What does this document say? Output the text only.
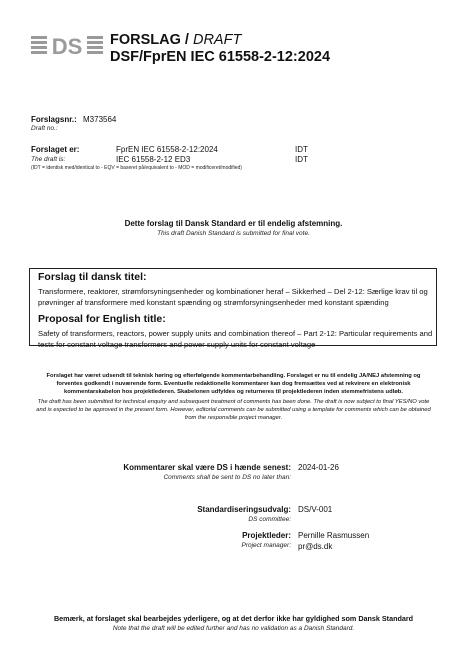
DS FORSLAG / DRAFT
DSF/FprEN IEC 61558-2-12:2024
Forslagsnr.:
Draft no.:
M373564
Forslaget er:
The draft is:
(IDT = identisk med/identical to - EQV = baseret på/equivalent to - MOD = modificeret/modified)
FprEN IEC 61558-2-12:2024	IDT
IEC 61558-2-12 ED3	IDT
Dette forslag til Dansk Standard er til endelig afstemning.
This draft Danish Standard is submitted for final vote.
Forslag til dansk titel:
Transformere, reaktorer, strømforsyningsenheder og kombinationer heraf – Sikkerhed – Del 2-12: Særlige krav til og prøvninger af transformere med konstant spænding og strømforsyningsenheder med konstant spænding
Proposal for English title:
Safety of transformers, reactors, power supply units and combination thereof – Part 2-12: Particular requirements and tests for constant voltage transformers and power supply units for constant voltage
Forslaget har været udsendt til teknisk høring og efterfølgende kommentarbehandling. Forslaget er nu til endelig JA/NEJ afstemning og forventes godkendt i nuværende form. Eventuelle redaktionelle kommentarer kan dog fremsættes ved at rekvirere en elektronisk kommentarskabelon hos projektlederen. Skabelonen udfyldes og returneres til projektlederen inden stemmefristens udløb.
The draft has been submitted for technical enquiry and subsequent treatment of comments has been done. The draft is now subject to final YES/NO vote and is expected to be approved in the present form. However, editorial comments can be submitted using a template for comments which can be obtained from the responsible project manager.
Kommentarer skal være DS i hænde senest:
Comments shall be sent to DS no later than:
2024-01-26
Standardiseringsudvalg:
DS committee:
DS/V-001
Projektleder:
Project manager:
Pernille Rasmussen
pr@ds.dk
Bemærk, at forslaget skal bearbejdes yderligere, og at det derfor ikke har gyldighed som Dansk Standard
Note that the draft will be edited further and has no validation as a Danish Standard.
